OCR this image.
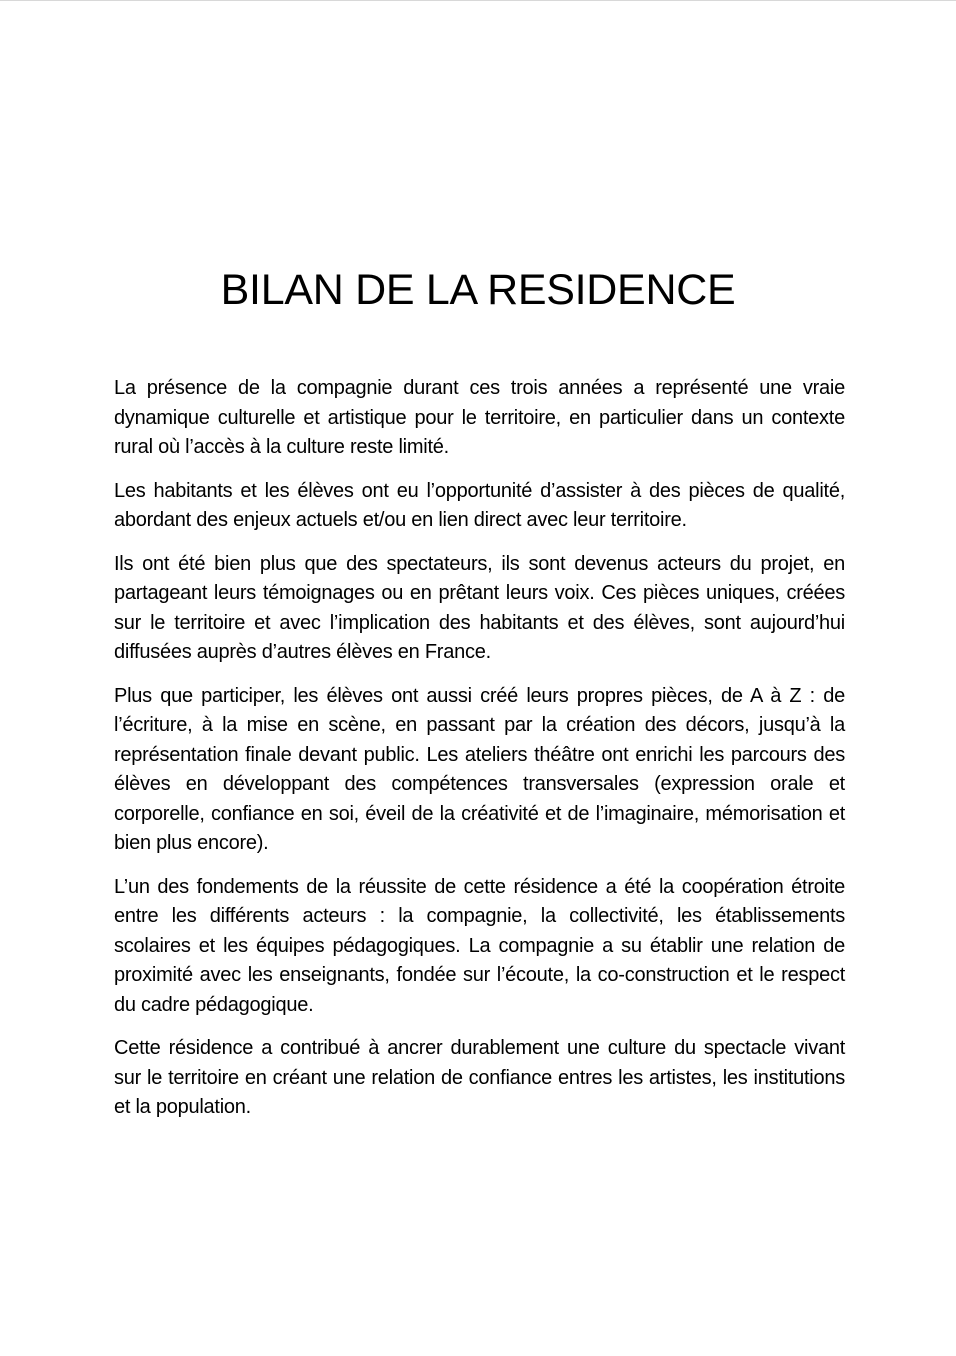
BILAN DE LA RESIDENCE

La présence de la compagnie durant ces trois années a représenté une vraie dynamique culturelle et artistique pour le territoire, en particulier dans un contexte rural où l’accès à la culture reste limité.

Les habitants et les élèves ont eu l’opportunité d’assister à des pièces de qualité, abordant des enjeux actuels et/ou en lien direct avec leur territoire.

Ils ont été bien plus que des spectateurs, ils sont devenus acteurs du projet, en partageant leurs témoignages ou en prêtant leurs voix. Ces pièces uniques, créées sur le territoire et avec l’implication des habitants et des élèves, sont aujourd’hui diffusées auprès d’autres élèves en France.

Plus que participer, les élèves ont aussi créé leurs propres pièces, de A à Z : de l’écriture, à la mise en scène, en passant par la création des décors, jusqu’à la représentation finale devant public. Les ateliers théâtre ont enrichi les parcours des élèves en développant des compétences transversales (expression orale et corporelle, confiance en soi, éveil de la créativité et de l’imaginaire, mémorisation et bien plus encore).

L’un des fondements de la réussite de cette résidence a été la coopération étroite entre les différents acteurs : la compagnie, la collectivité, les établissements scolaires et les équipes pédagogiques. La compagnie a su établir une relation de proximité avec les enseignants, fondée sur l’écoute, la co-construction et le respect du cadre pédagogique.

Cette résidence a contribué à ancrer durablement une culture du spectacle vivant sur le territoire en créant une relation de confiance entres les artistes, les institutions et la population.
